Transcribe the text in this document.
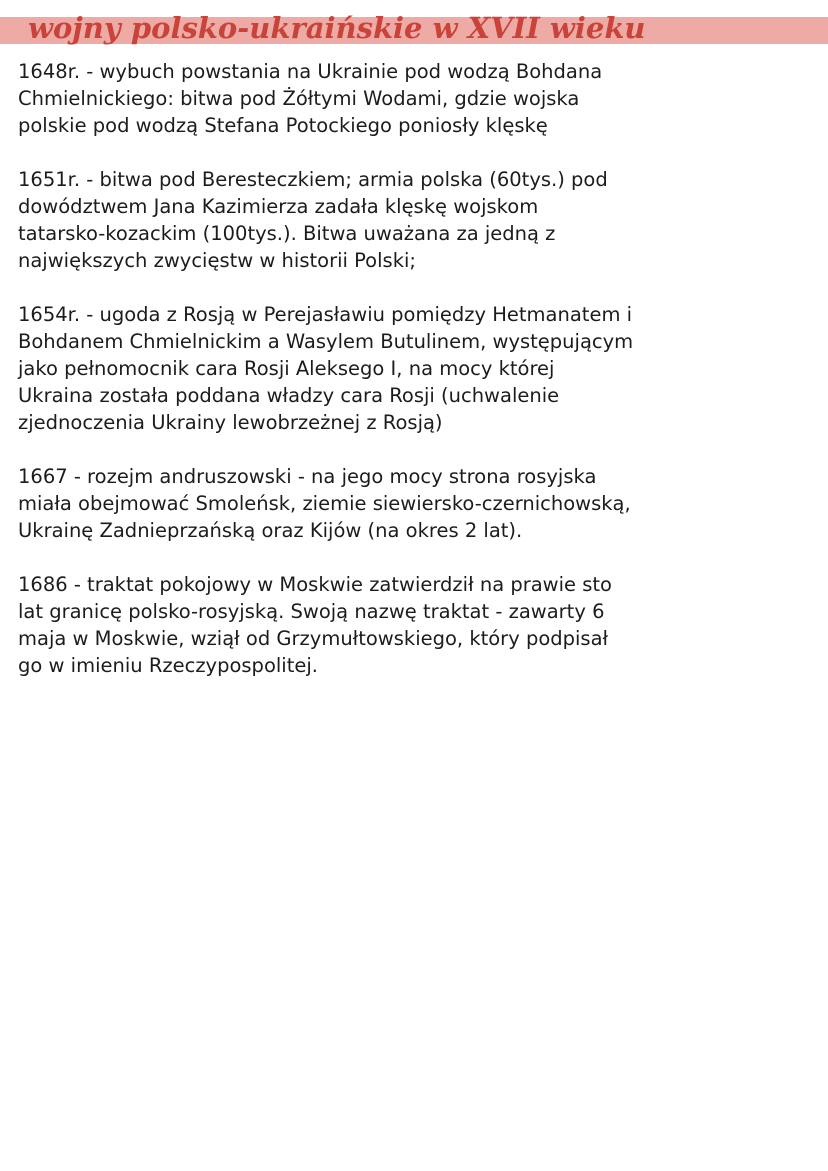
wojny polsko-ukraińskie w XVII wieku
1648r. - wybuch powstania na Ukrainie pod wodzą Bohdana
Chmielnickiego: bitwa pod Żółtymi Wodami, gdzie wojska
polskie pod wodzą Stefana Potockiego poniosły klęskę
1651r. - bitwa pod Beresteczkiem; armia polska (60tys.) pod
dowództwem Jana Kazimierza zadała klęskę wojskom
tatarsko-kozackim (100tys.). Bitwa uważana za jedną z
największych zwycięstw w historii Polski;
1654r. - ugoda z Rosją w Perejasławiu pomiędzy Hetmanatem i
Bohdanem Chmielnickim a Wasylem Butulinem, występującym
jako pełnomocnik cara Rosji Aleksego I, na mocy której
Ukraina została poddana władzy cara Rosji (uchwalenie
zjednoczenia Ukrainy lewobrzeżnej z Rosją)
1667 - rozejm andruszowski - na jego mocy strona rosyjska
miała obejmować Smoleńsk, ziemie siewiersko-czernichowską,
Ukrainę Zadnieprzańską oraz Kijów (na okres 2 lat).
1686 - traktat pokojowy w Moskwie zatwierdził na prawie sto
lat granicę polsko-rosyjską. Swoją nazwę traktat - zawarty 6
maja w Moskwie, wziął od Grzymułtowskiego, który podpisał
go w imieniu Rzeczypospolitej.
